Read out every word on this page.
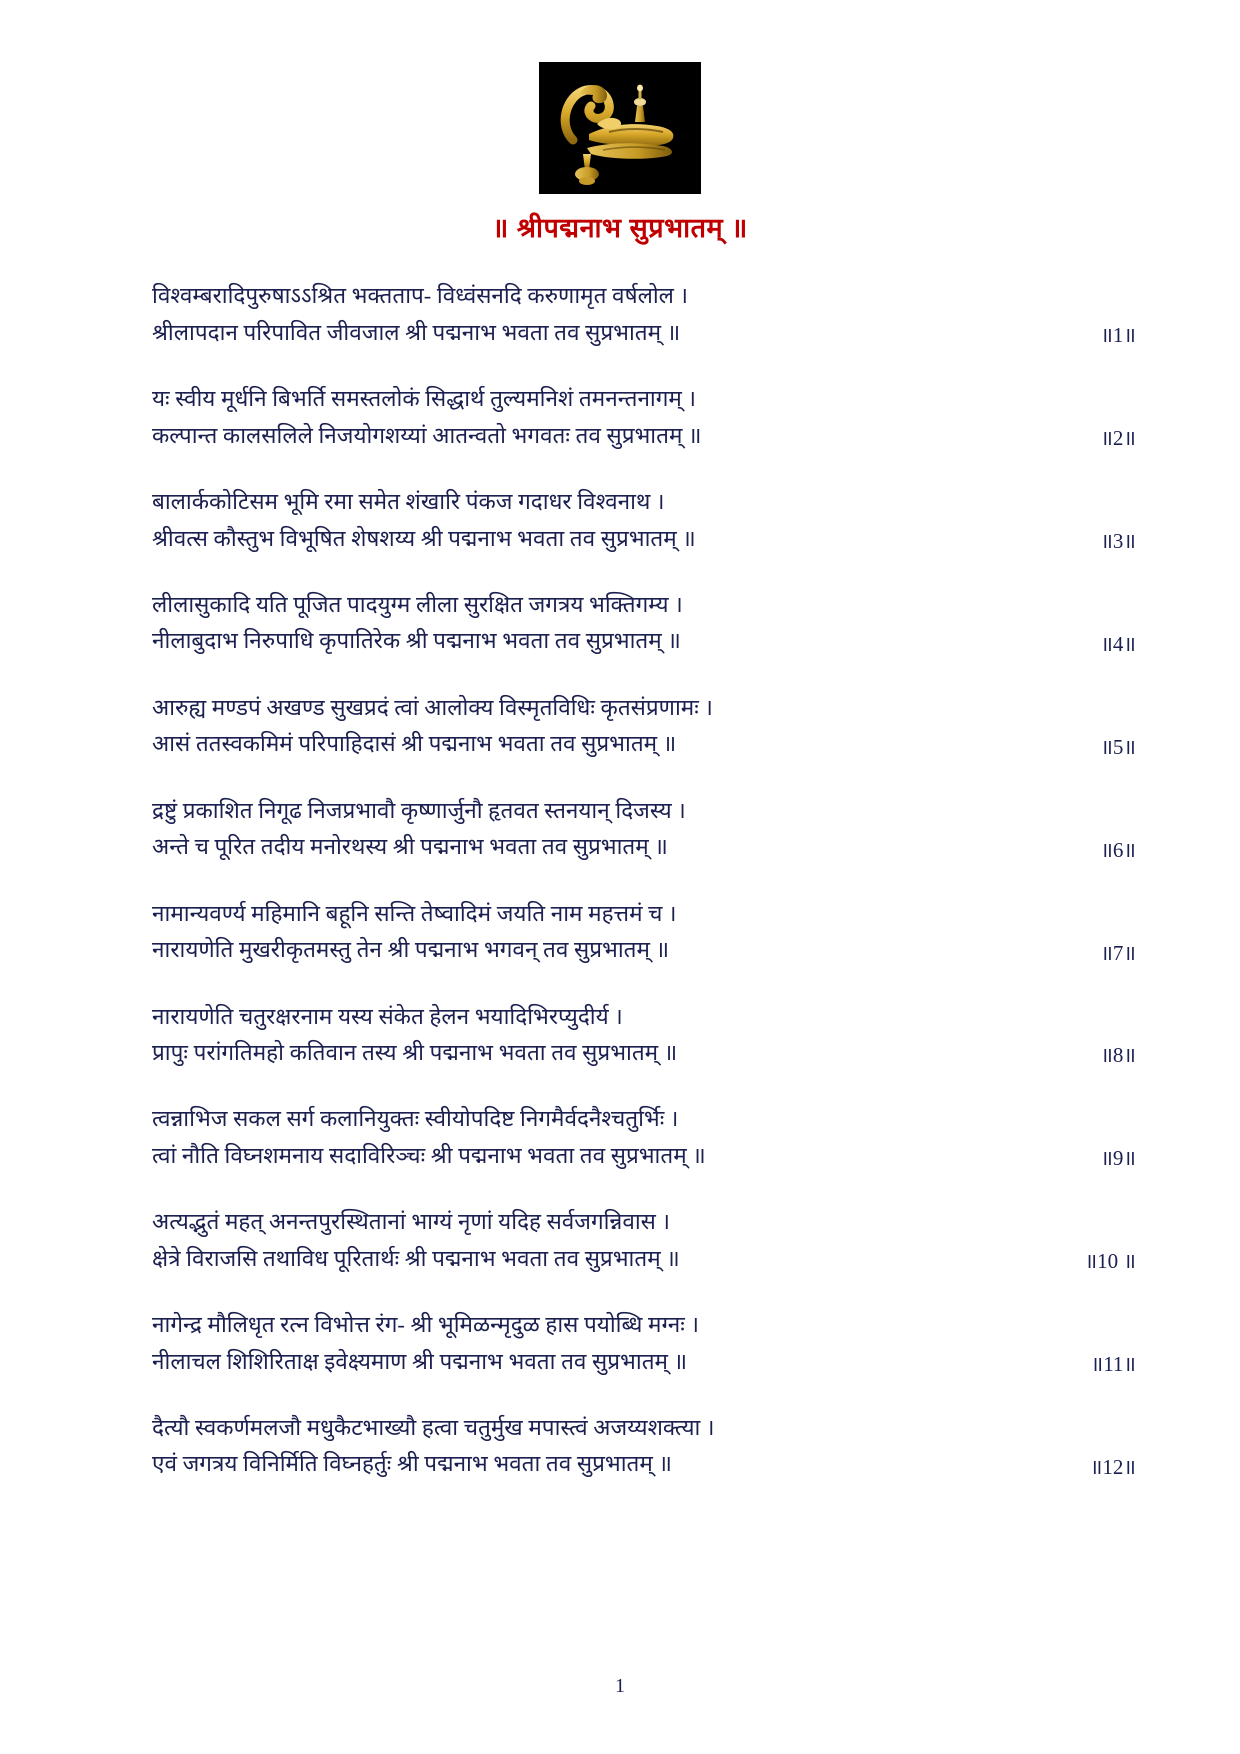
॥ श्रीपद्मनाभ सुप्रभातम् ॥
विश्वम्बरादिपुरुषाऽऽश्रित भक्तताप- विध्वंसनदि करुणामृत वर्षलोल ।
श्रीलापदान परिपावित जीवजाल श्री पद्मनाभ भवता तव सुप्रभातम् ॥	॥1॥
यः स्वीय मूर्धनि बिभर्ति समस्तलोकं सिद्धार्थ तुल्यमनिशं तमनन्तनागम् ।
कल्पान्त कालसलिले निजयोगशय्यां आतन्वतो भगवतः तव सुप्रभातम् ॥	॥2॥
बालार्ककोटिसम भूमि रमा समेत शंखारि पंकज गदाधर विश्वनाथ ।
श्रीवत्स कौस्तुभ विभूषित शेषशय्य श्री पद्मनाभ भवता तव सुप्रभातम् ॥	॥3॥
लीलासुकादि यति पूजित पादयुग्म लीला सुरक्षित जगत्रय भक्तिगम्य ।
नीलाबुदाभ निरुपाधि कृपातिरेक श्री पद्मनाभ भवता तव सुप्रभातम् ॥	॥4॥
आरुह्य मण्डपं अखण्ड सुखप्रदं त्वां आलोक्य विस्मृतविधिः कृतसंप्रणामः ।
आसं ततस्वकमिमं परिपाहिदासं श्री पद्मनाभ भवता तव सुप्रभातम् ॥	॥5॥
द्रष्टुं प्रकाशित निगूढ निजप्रभावौ कृष्णार्जुनौ हृतवत स्तनयान् दिजस्य ।
अन्ते च पूरित तदीय मनोरथस्य श्री पद्मनाभ भवता तव सुप्रभातम् ॥	॥6॥
नामान्यवर्ण्य महिमानि बहूनि सन्ति तेष्वादिमं जयति नाम महत्तमं च ।
नारायणेति मुखरीकृतमस्तु तेन श्री पद्मनाभ भगवन् तव सुप्रभातम् ॥	॥7॥
नारायणेति चतुरक्षरनाम यस्य संकेत हेलन भयादिभिरप्युदीर्य ।
प्रापुः परांगतिमहो कतिवान तस्य श्री पद्मनाभ भवता तव सुप्रभातम् ॥	॥8॥
त्वन्नाभिज सकल सर्ग कलानियुक्तः स्वीयोपदिष्ट निगमैर्वदनैश्चतुर्भिः ।
त्वां नौति विघ्नशमनाय सदाविरिञ्चः श्री पद्मनाभ भवता तव सुप्रभातम् ॥	॥9॥
अत्यद्भुतं महत् अनन्तपुरस्थितानां भाग्यं नृणां यदिह सर्वजगन्निवास ।
क्षेत्रे विराजसि तथाविध पूरितार्थः श्री पद्मनाभ भवता तव सुप्रभातम् ॥	॥10 ॥
नागेन्द्र मौलिधृत रत्न विभोत्त रंग- श्री भूमिळन्मृदुळ हास पयोब्धि मग्नः ।
नीलाचल शिशिरिताक्ष इवेक्ष्यमाण श्री पद्मनाभ भवता तव सुप्रभातम् ॥	॥11॥
दैत्यौ स्वकर्णमलजौ मधुकैटभाख्यौ हत्वा चतुर्मुख मपास्त्वं अजय्यशक्त्या ।
एवं जगत्रय विनिर्मिति विघ्नहर्तुः श्री पद्मनाभ भवता तव सुप्रभातम् ॥	॥12॥
1
